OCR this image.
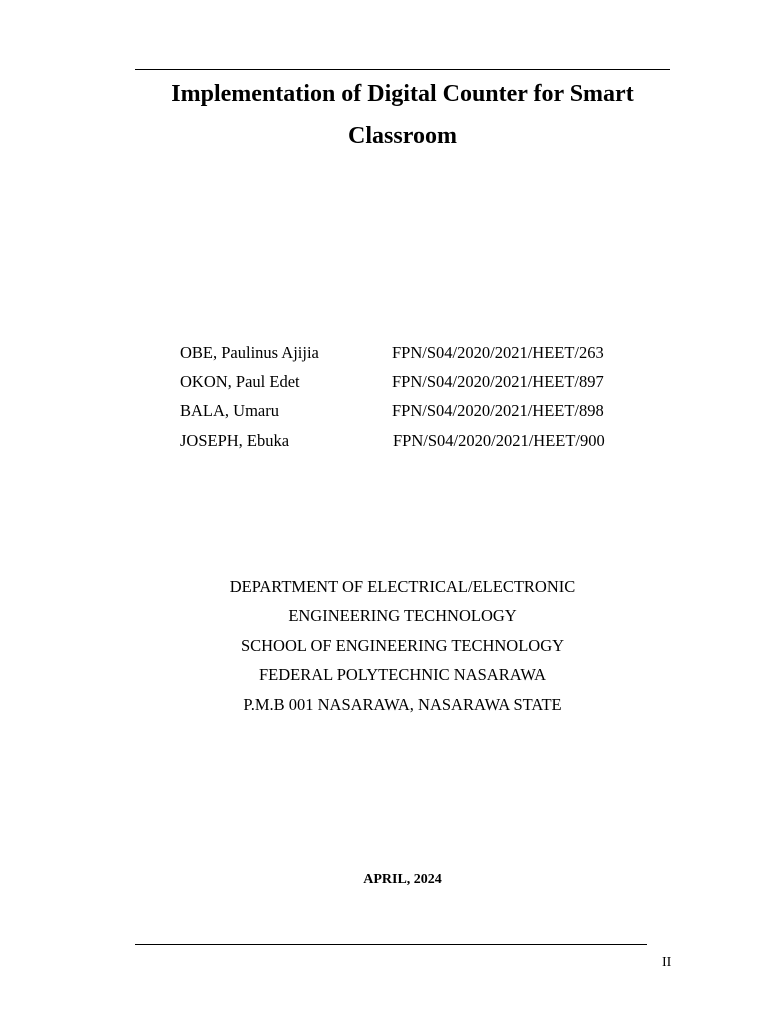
Implementation of Digital Counter for Smart
Classroom
OBE, Paulinus Ajijia	FPN/S04/2020/2021/HEET/263
OKON, Paul Edet	FPN/S04/2020/2021/HEET/897
BALA, Umaru	FPN/S04/2020/2021/HEET/898
JOSEPH, Ebuka	FPN/S04/2020/2021/HEET/900
DEPARTMENT OF ELECTRICAL/ELECTRONIC
ENGINEERING TECHNOLOGY
SCHOOL OF ENGINEERING TECHNOLOGY
FEDERAL POLYTECHNIC NASARAWA
P.M.B 001 NASARAWA, NASARAWA STATE
APRIL, 2024
II
